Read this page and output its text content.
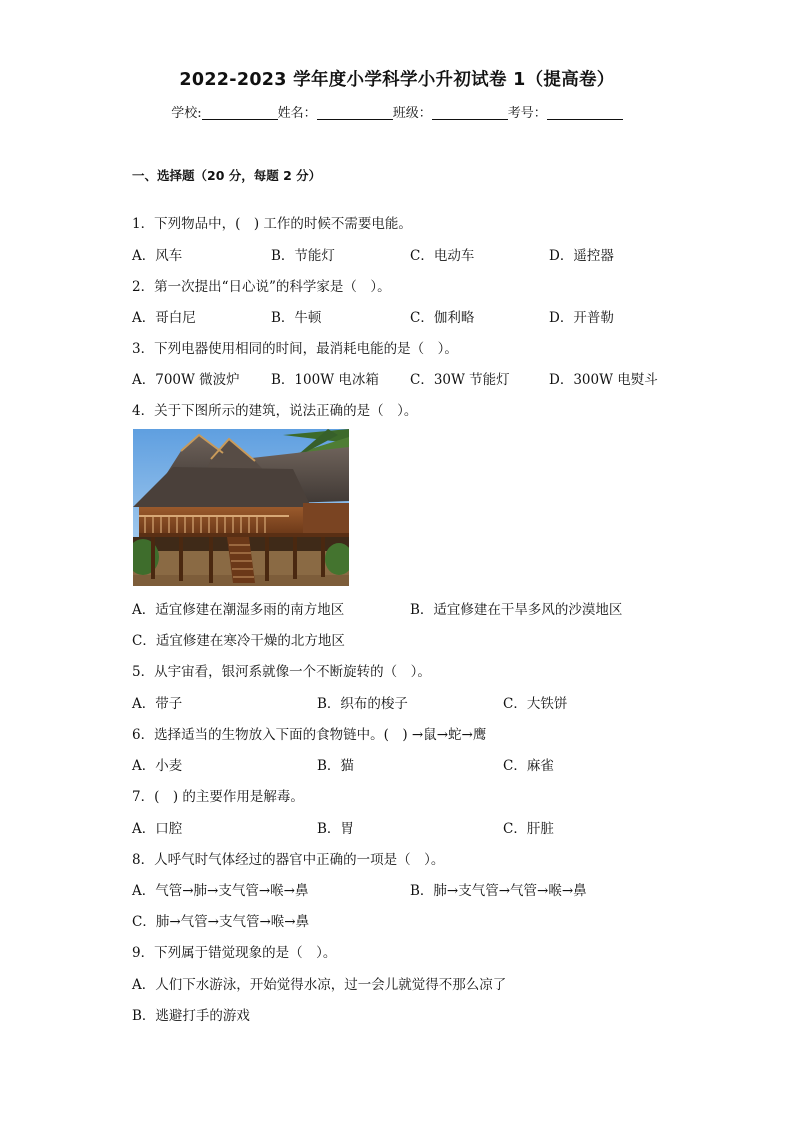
2022-2023 学年度小学科学小升初试卷 1（提高卷）
学校:	姓名：	班级：	考号：
一、选择题（20 分，每题 2 分）
1．下列物品中，(　) 工作的时候不需要电能。
A．风车	B．节能灯	C．电动车	D．遥控器
2．第一次提出“日心说”的科学家是（　）。
A．哥白尼	B．牛顿	C．伽利略	D．开普勒
3．下列电器使用相同的时间，最消耗电能的是（　）。
A．700W 微波炉 B．100W 电冰箱 C．30W 节能灯	D．300W 电熨斗
4．关于下图所示的建筑，说法正确的是（　）。
A．适宜修建在潮湿多雨的南方地区	B．适宜修建在干旱多风的沙漠地区
C．适宜修建在寒冷干燥的北方地区
5．从宇宙看，银河系就像一个不断旋转的（　）。
A．带子	B．织布的梭子	C．大铁饼
6．选择适当的生物放入下面的食物链中。(　) →鼠→蛇→鹰
A．小麦	B．猫	C．麻雀
7．(　) 的主要作用是解毒。
A．口腔	B．胃	C．肝脏
8．人呼气时气体经过的器官中正确的一项是（　）。
A．气管→肺→支气管→喉→鼻	B．肺→支气管→气管→喉→鼻
C．肺→气管→支气管→喉→鼻
9．下列属于错觉现象的是（　）。
A．人们下水游泳，开始觉得水凉，过一会儿就觉得不那么凉了
B．逃避打手的游戏
